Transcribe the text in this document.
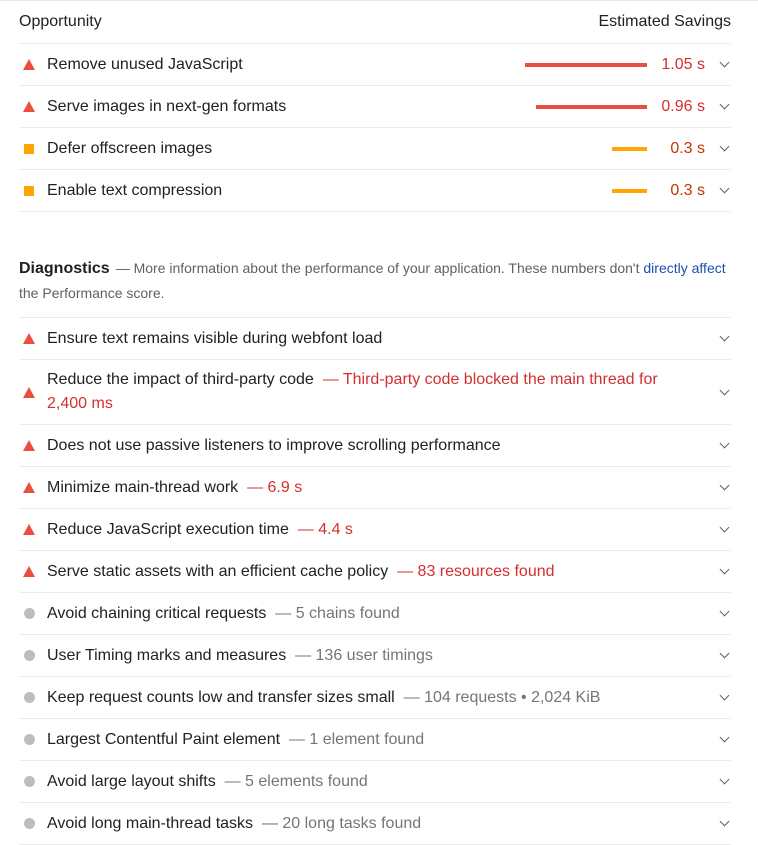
Opportunity	Estimated Savings
Remove unused JavaScript	1.05 s
Serve images in next-gen formats	0.96 s
Defer offscreen images	0.3 s
Enable text compression	0.3 s
Diagnostics — More information about the performance of your application. These numbers don't directly affect the Performance score.
Ensure text remains visible during webfont load
Reduce the impact of third-party code — Third-party code blocked the main thread for 2,400 ms
Does not use passive listeners to improve scrolling performance
Minimize main-thread work — 6.9 s
Reduce JavaScript execution time — 4.4 s
Serve static assets with an efficient cache policy — 83 resources found
Avoid chaining critical requests — 5 chains found
User Timing marks and measures — 136 user timings
Keep request counts low and transfer sizes small — 104 requests • 2,024 KiB
Largest Contentful Paint element — 1 element found
Avoid large layout shifts — 5 elements found
Avoid long main-thread tasks — 20 long tasks found
